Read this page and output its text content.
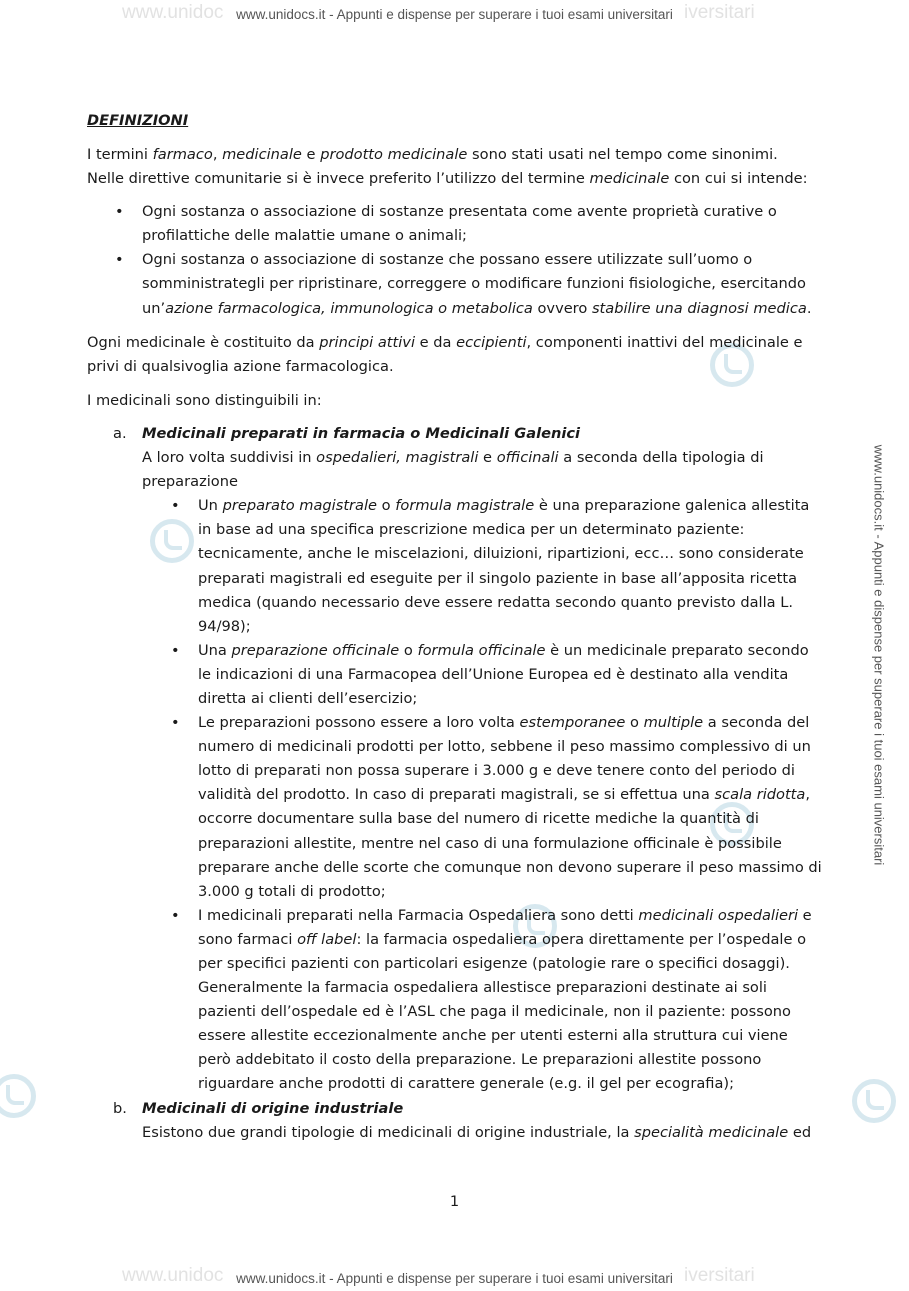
www.unidoc	iversitari
www.unidoc	iversitari
www.unidocs.it - Appunti e dispense per superare i tuoi esami universitari
www.unidocs.it - Appunti e dispense per superare i tuoi esami universitari
www.unidocs.it - Appunti e dispense per superare i tuoi esami universitari

DEFINIZIONI

I termini farmaco, medicinale e prodotto medicinale sono stati usati nel tempo come sinonimi.
Nelle direttive comunitarie si è invece preferito l’utilizzo del termine medicinale con cui si intende:
• Ogni sostanza o associazione di sostanze presentata come avente proprietà curative o profilattiche delle malattie umane o animali;
• Ogni sostanza o associazione di sostanze che possano essere utilizzate sull’uomo o somministrategli per ripristinare, correggere o modificare funzioni fisiologiche, esercitando un’azione farmacologica, immunologica o metabolica ovvero stabilire una diagnosi medica.

Ogni medicinale è costituito da principi attivi e da eccipienti, componenti inattivi del medicinale e privi di qualsivoglia azione farmacologica.

I medicinali sono distinguibili in:

a. Medicinali preparati in farmacia o Medicinali Galenici
A loro volta suddivisi in ospedalieri, magistrali e officinali a seconda della tipologia di preparazione
• Un preparato magistrale o formula magistrale è una preparazione galenica allestita in base ad una specifica prescrizione medica per un determinato paziente: tecnicamente, anche le miscelazioni, diluizioni, ripartizioni, ecc… sono considerate preparati magistrali ed eseguite per il singolo paziente in base all’apposita ricetta medica (quando necessario deve essere redatta secondo quanto previsto dalla L. 94/98);
• Una preparazione officinale o formula officinale è un medicinale preparato secondo le indicazioni di una Farmacopea dell’Unione Europea ed è destinato alla vendita diretta ai clienti dell’esercizio;
• Le preparazioni possono essere a loro volta estemporanee o multiple a seconda del numero di medicinali prodotti per lotto, sebbene il peso massimo complessivo di un lotto di preparati non possa superare i 3.000 g e deve tenere conto del periodo di validità del prodotto. In caso di preparati magistrali, se si effettua una scala ridotta, occorre documentare sulla base del numero di ricette mediche la quantità di preparazioni allestite, mentre nel caso di una formulazione officinale è possibile preparare anche delle scorte che comunque non devono superare il peso massimo di 3.000 g totali di prodotto;
• I medicinali preparati nella Farmacia Ospedaliera sono detti medicinali ospedalieri e sono farmaci off label: la farmacia ospedaliera opera direttamente per l’ospedale o per specifici pazienti con particolari esigenze (patologie rare o specifici dosaggi). Generalmente la farmacia ospedaliera allestisce preparazioni destinate ai soli pazienti dell’ospedale ed è l’ASL che paga il medicinale, non il paziente: possono essere allestite eccezionalmente anche per utenti esterni alla struttura cui viene però addebitato il costo della preparazione. Le preparazioni allestite possono riguardare anche prodotti di carattere generale (e.g. il gel per ecografia);
b. Medicinali di origine industriale
Esistono due grandi tipologie di medicinali di origine industriale, la specialità medicinale ed
1
